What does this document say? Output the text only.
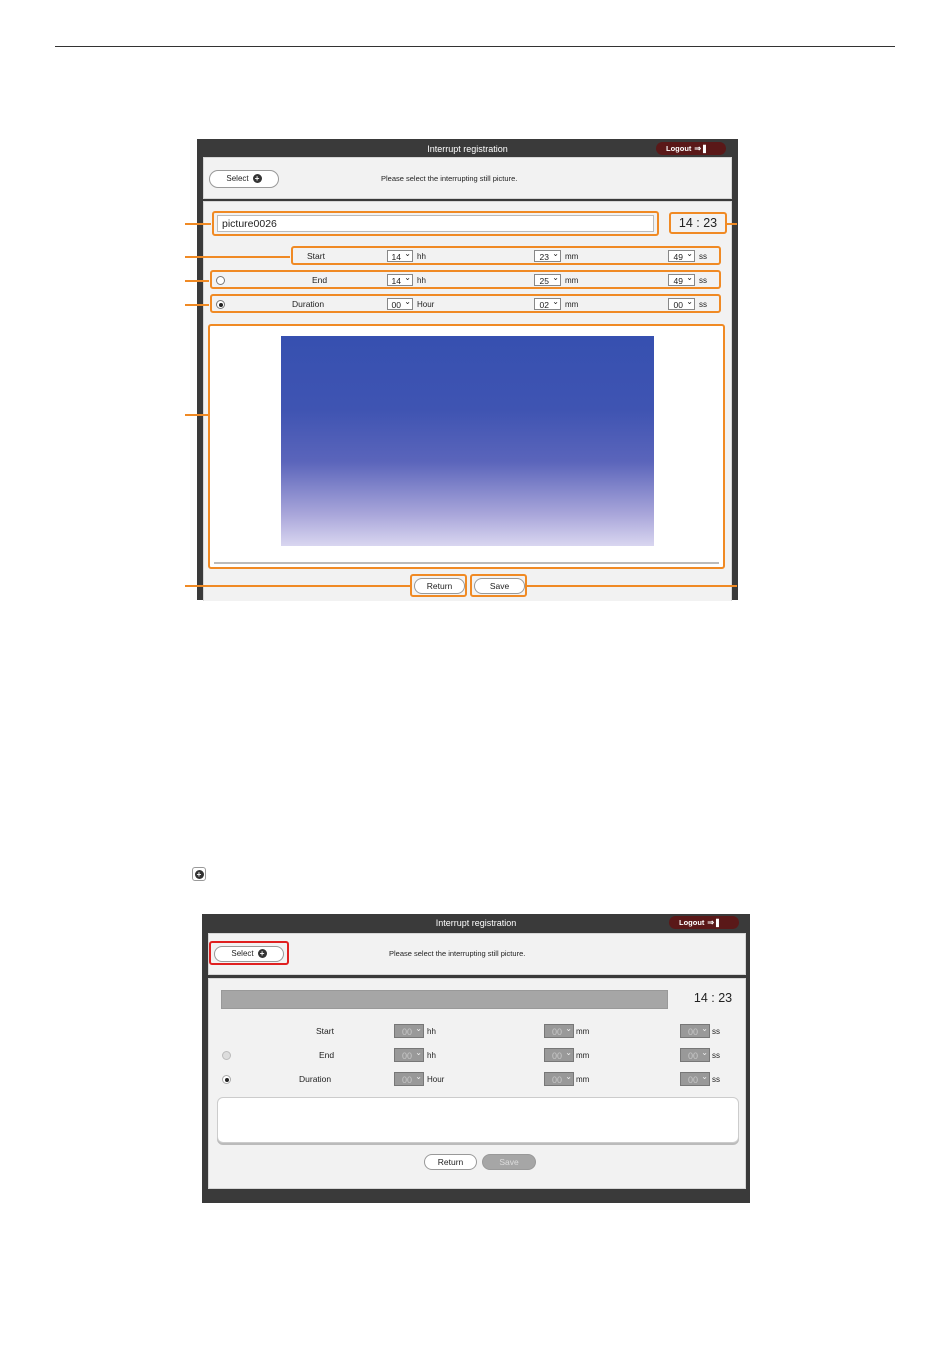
Interrupt registration	Logout ⇒❚
Select +	Please select the interrupting still picture.
picture0026	14 : 23
Start	14 ⌄	hh	23 ⌄	mm	49 ⌄	ss
End	14 ⌄	hh	25 ⌄	mm	49 ⌄	ss
Duration	00 ⌄	Hour	02 ⌄	mm	00 ⌄	ss
Return	Save
+
Interrupt registration	Logout ⇒❚
Select +	Please select the interrupting still picture.
14 : 23
Start	00 ⌄	hh	00 ⌄	mm	00 ⌄	ss
End	00 ⌄	hh	00 ⌄	mm	00 ⌄	ss
Duration	00 ⌄	Hour	00 ⌄	mm	00 ⌄	ss
Return	Save
